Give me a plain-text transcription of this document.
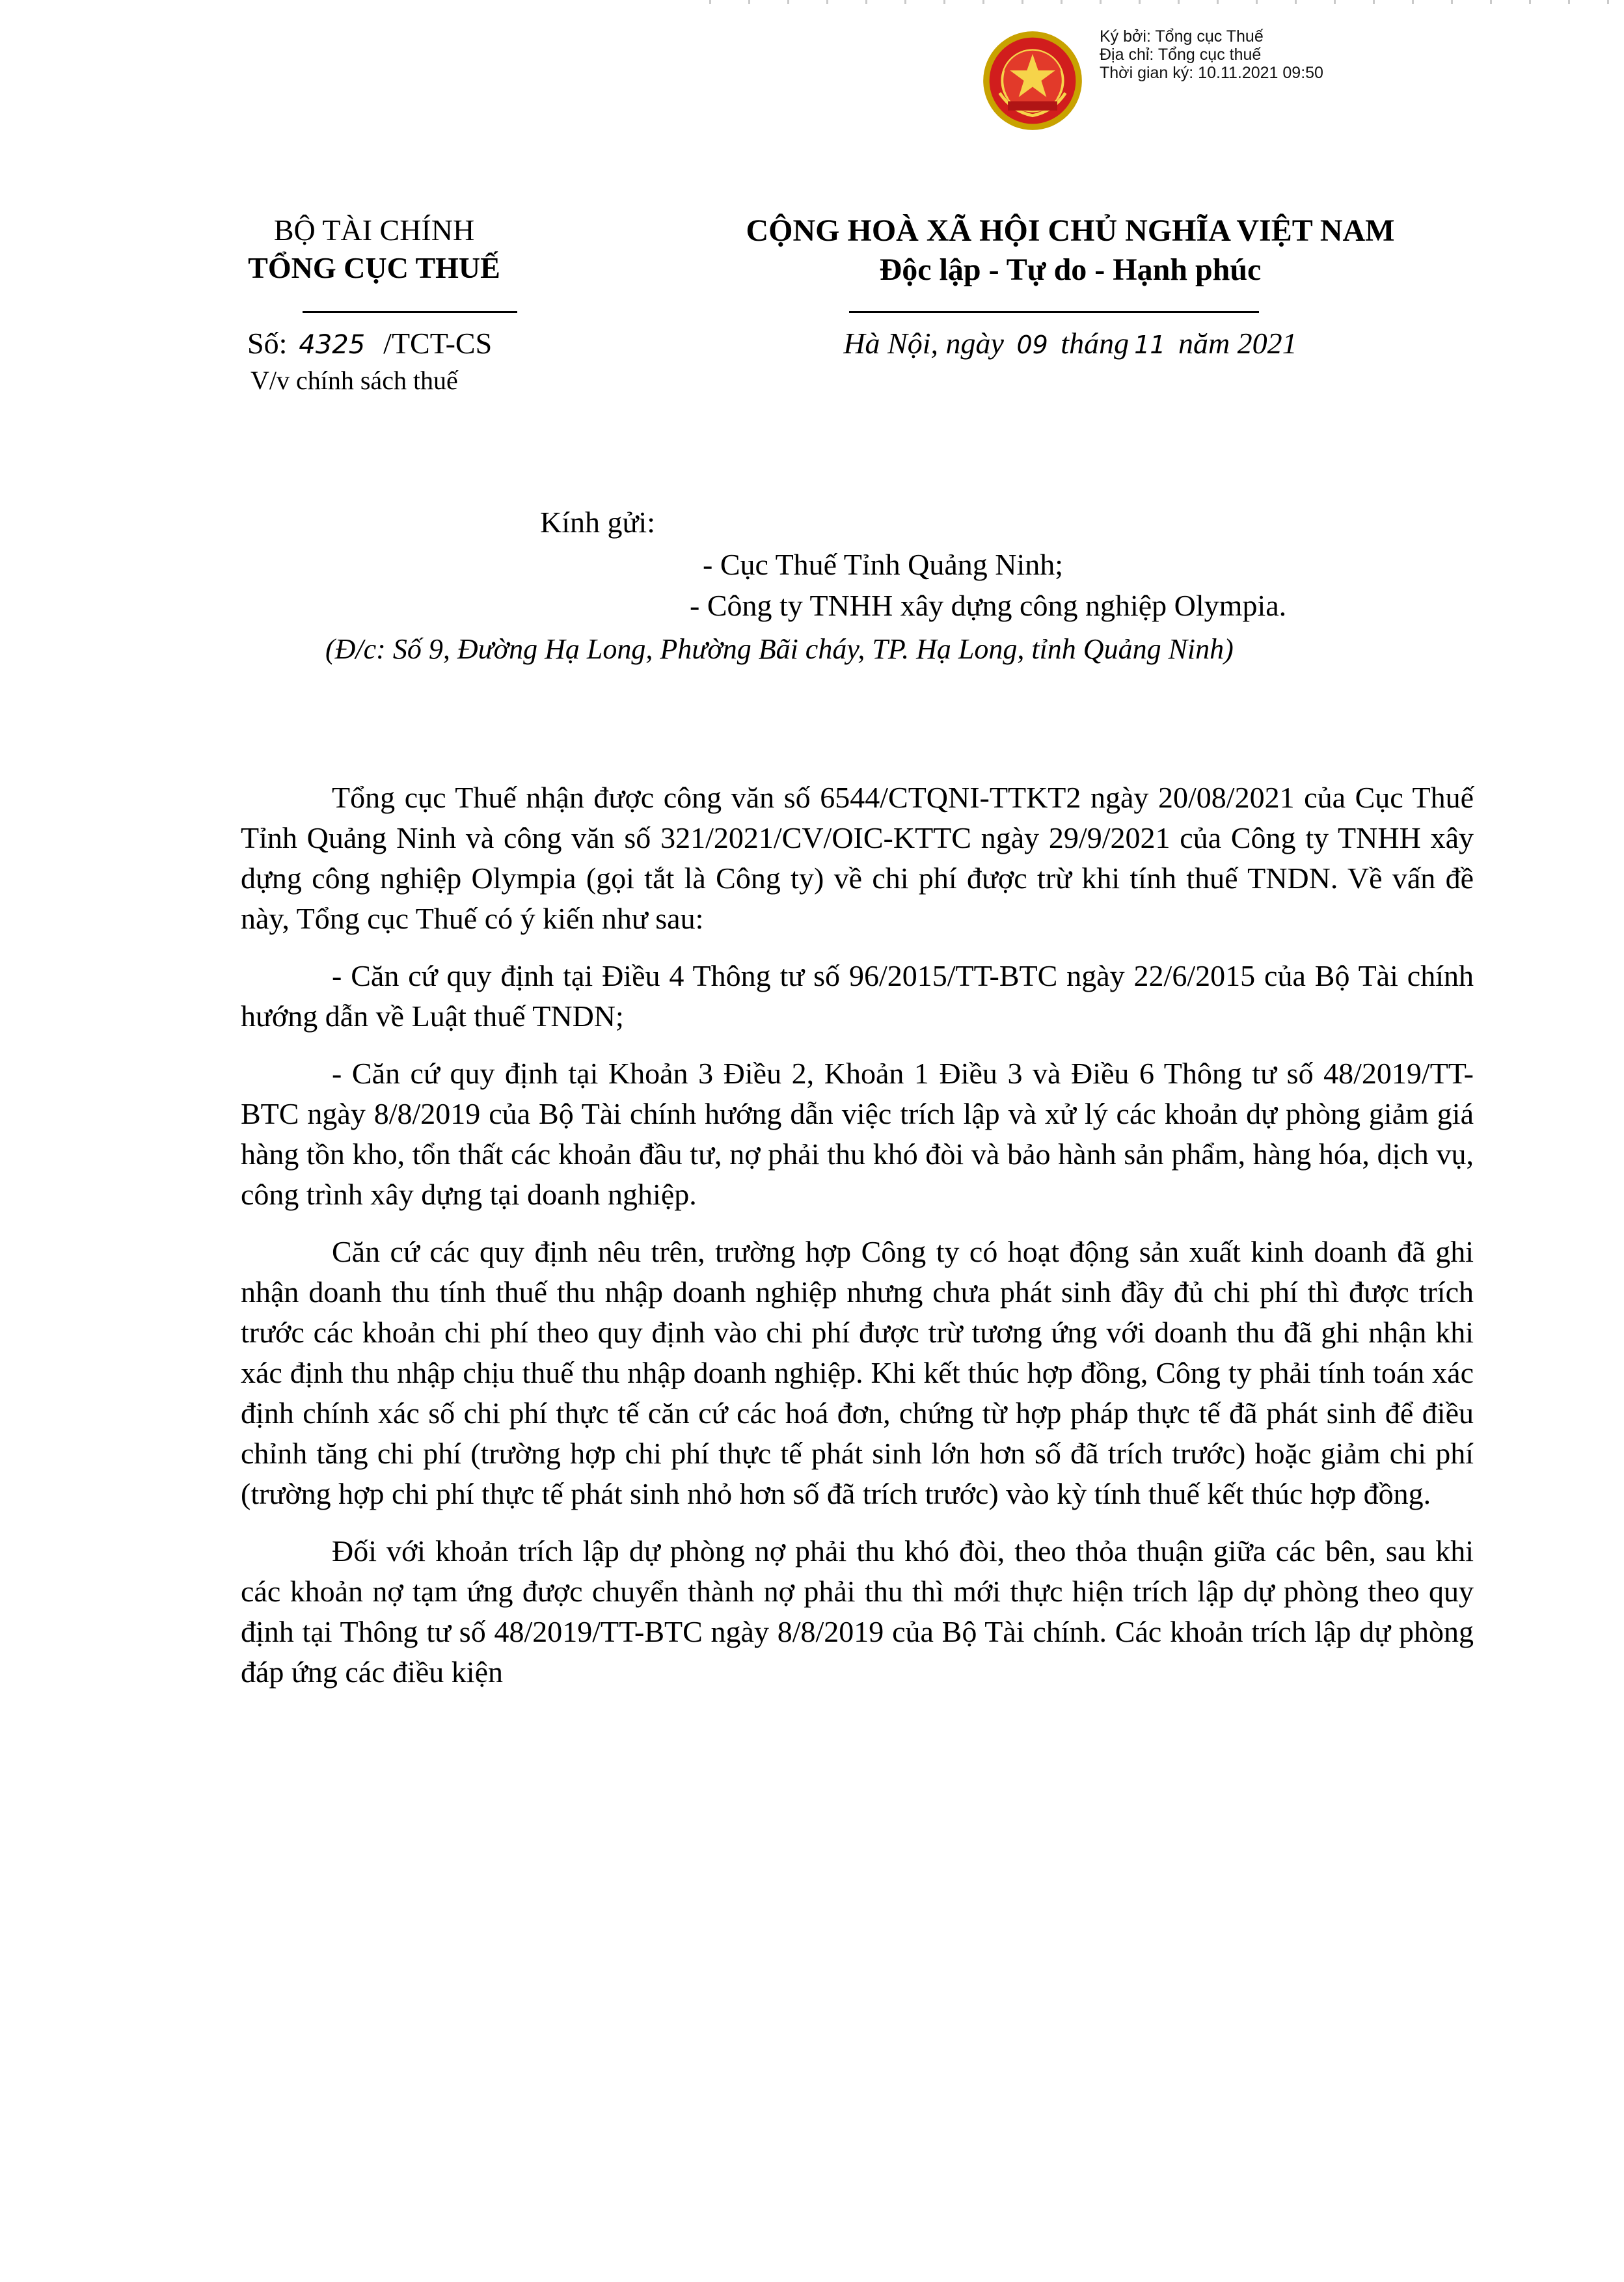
Ký bởi: Tổng cục Thuế
Địa chỉ: Tổng cục thuế
Thời gian ký: 10.11.2021 09:50
BỘ TÀI CHÍNH
TỔNG CỤC THUẾ
CỘNG HOÀ XÃ HỘI CHỦ NGHĨA VIỆT NAM
Độc lập - Tự do - Hạnh phúc
Số: 4325 /TCT-CS
V/v chính sách thuế
Hà Nội, ngày 09 tháng 11 năm 2021
Kính gửi:
- Cục Thuế Tỉnh Quảng Ninh;
- Công ty TNHH xây dựng công nghiệp Olympia.
(Đ/c: Số 9, Đường Hạ Long, Phường Bãi cháy, TP. Hạ Long, tỉnh Quảng Ninh)

Tổng cục Thuế nhận được công văn số 6544/CTQNI-TTKT2 ngày 20/08/2021 của Cục Thuế Tỉnh Quảng Ninh và công văn số 321/2021/CV/OIC-KTTC ngày 29/9/2021 của Công ty TNHH xây dựng công nghiệp Olympia (gọi tắt là Công ty) về chi phí được trừ khi tính thuế TNDN. Về vấn đề này, Tổng cục Thuế có ý kiến như sau:

- Căn cứ quy định tại Điều 4 Thông tư số 96/2015/TT-BTC ngày 22/6/2015 của Bộ Tài chính hướng dẫn về Luật thuế TNDN;

- Căn cứ quy định tại Khoản 3 Điều 2, Khoản 1 Điều 3 và Điều 6 Thông tư số 48/2019/TT-BTC ngày 8/8/2019 của Bộ Tài chính hướng dẫn việc trích lập và xử lý các khoản dự phòng giảm giá hàng tồn kho, tổn thất các khoản đầu tư, nợ phải thu khó đòi và bảo hành sản phẩm, hàng hóa, dịch vụ, công trình xây dựng tại doanh nghiệp.

Căn cứ các quy định nêu trên, trường hợp Công ty có hoạt động sản xuất kinh doanh đã ghi nhận doanh thu tính thuế thu nhập doanh nghiệp nhưng chưa phát sinh đầy đủ chi phí thì được trích trước các khoản chi phí theo quy định vào chi phí được trừ tương ứng với doanh thu đã ghi nhận khi xác định thu nhập chịu thuế thu nhập doanh nghiệp. Khi kết thúc hợp đồng, Công ty phải tính toán xác định chính xác số chi phí thực tế căn cứ các hoá đơn, chứng từ hợp pháp thực tế đã phát sinh để điều chỉnh tăng chi phí (trường hợp chi phí thực tế phát sinh lớn hơn số đã trích trước) hoặc giảm chi phí (trường hợp chi phí thực tế phát sinh nhỏ hơn số đã trích trước) vào kỳ tính thuế kết thúc hợp đồng.

Đối với khoản trích lập dự phòng nợ phải thu khó đòi, theo thỏa thuận giữa các bên, sau khi các khoản nợ tạm ứng được chuyển thành nợ phải thu thì mới thực hiện trích lập dự phòng theo quy định tại Thông tư số 48/2019/TT-BTC ngày 8/8/2019 của Bộ Tài chính. Các khoản trích lập dự phòng đáp ứng các điều kiện
